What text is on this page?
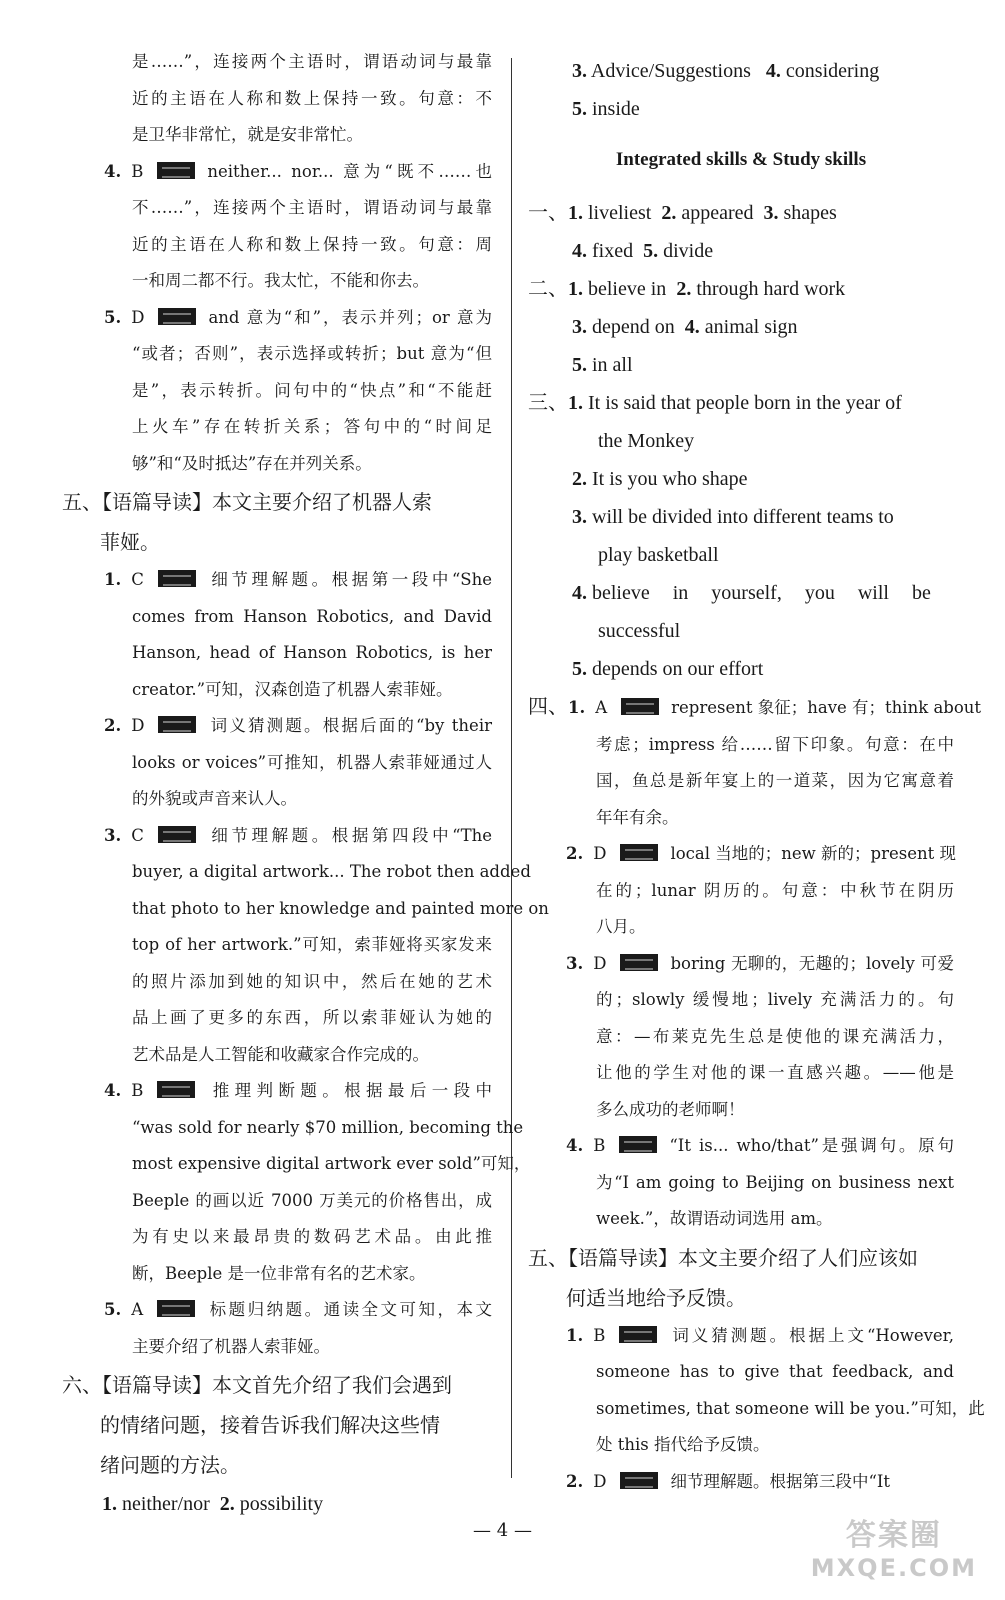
是……”，连接两个主语时，谓语动词与最靠
近的主语在人称和数上保持一致。句意：不
是卫华非常忙，就是安非常忙。
4. B	neither... nor... 意为“既不……也
不……”，连接两个主语时，谓语动词与最靠
近的主语在人称和数上保持一致。句意：周
一和周二都不行。我太忙，不能和你去。
5. D	and 意为“和”，表示并列；or 意为
“或者；否则”，表示选择或转折；but 意为“但
是”，表示转折。问句中的“快点”和“不能赶
上火车”存在转折关系；答句中的“时间足
够”和“及时抵达”存在并列关系。
五、【语篇导读】本文主要介绍了机器人索
菲娅。
1. C	细节理解题。根据第一段中“She
comes from Hanson Robotics, and David
Hanson, head of Hanson Robotics, is her
creator.”可知，汉森创造了机器人索菲娅。
2. D	词义猜测题。根据后面的“by their
looks or voices”可推知，机器人索菲娅通过人
的外貌或声音来认人。
3. C	细节理解题。根据第四段中“The
buyer, a digital artwork... The robot then added
that photo to her knowledge and painted more on
top of her artwork.”可知，索菲娅将买家发来
的照片添加到她的知识中，然后在她的艺术
品上画了更多的东西，所以索菲娅认为她的
艺术品是人工智能和收藏家合作完成的。
4. B	推理判断题。根据最后一段中
“was sold for nearly $70 million, becoming the
most expensive digital artwork ever sold”可知，
Beeple 的画以近 7000 万美元的价格售出，成
为有史以来最昂贵的数码艺术品。由此推
断，Beeple 是一位非常有名的艺术家。
5. A	标题归纳题。通读全文可知，本文
主要介绍了机器人索菲娅。
六、【语篇导读】本文首先介绍了我们会遇到
的情绪问题，接着告诉我们解决这些情
绪问题的方法。
1. neither/nor 2. possibility
3. Advice/Suggestions 4. considering
5. inside
Integrated skills & Study skills
一、1. liveliest 2. appeared 3. shapes
4. fixed 5. divide
二、1. believe in 2. through hard work
3. depend on 4. animal sign
5. in all
三、1. It is said that people born in the year of
the Monkey
2. It is you who shape
3. will be divided into different teams to
play basketball
4. believe in yourself, you will be
successful
5. depends on our effort
四、1. A	represent 象征；have 有；think about
考虑；impress 给……留下印象。句意：在中
国，鱼总是新年宴上的一道菜，因为它寓意着
年年有余。
2. D	local 当地的；new 新的；present 现
在的；lunar 阴历的。句意：中秋节在阴历
八月。
3. D	boring 无聊的，无趣的；lovely 可爱
的；slowly 缓慢地；lively 充满活力的。句
意：—布莱克先生总是使他的课充满活力，
让他的学生对他的课一直感兴趣。——他是
多么成功的老师啊！
4. B	“It is... who/that”是强调句。原句
为“I am going to Beijing on business next
week.”，故谓语动词选用 am。
五、【语篇导读】本文主要介绍了人们应该如
何适当地给予反馈。
1. B	词义猜测题。根据上文“However,
someone has to give that feedback, and
sometimes, that someone will be you.”可知，此
处 this 指代给予反馈。
2. D	细节理解题。根据第三段中“It
— 4 —	答案圈
MXQE.COM
